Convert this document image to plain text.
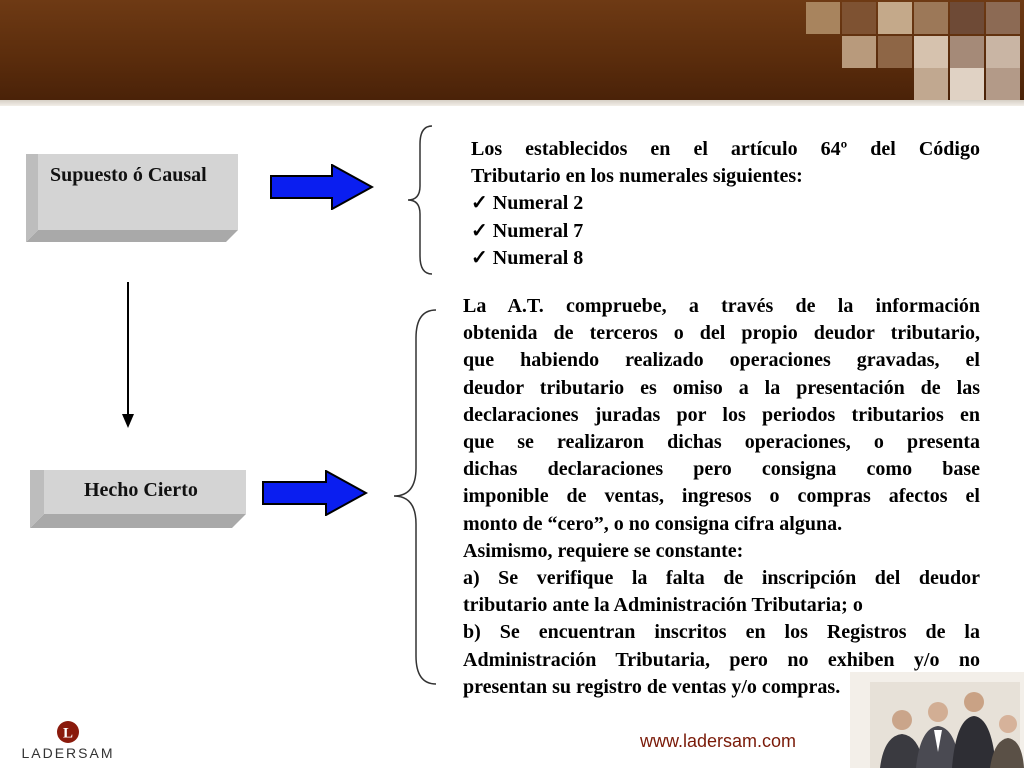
Supuesto ó Causal
Hecho Cierto
Los establecidos en el artículo 64º del Código
Tributario en los numerales siguientes:
✓ Numeral 2
✓ Numeral 7
✓ Numeral 8
La A.T. compruebe, a través de la información
obtenida de terceros o del propio deudor tributario,
que habiendo realizado operaciones gravadas, el
deudor tributario es omiso a la presentación de las
declaraciones juradas por los periodos tributarios en
que se realizaron dichas operaciones, o presenta
dichas declaraciones pero consigna como base
imponible de ventas, ingresos o compras afectos el
monto de “cero”, o no consigna cifra alguna.
Asimismo, requiere se constante:
a) Se verifique la falta de inscripción del deudor
tributario ante la Administración Tributaria; o
b) Se encuentran inscritos en los Registros de la
Administración Tributaria, pero no exhiben y/o no
presentan su registro de ventas y/o compras.
L
LADERSAM
www.ladersam.com
